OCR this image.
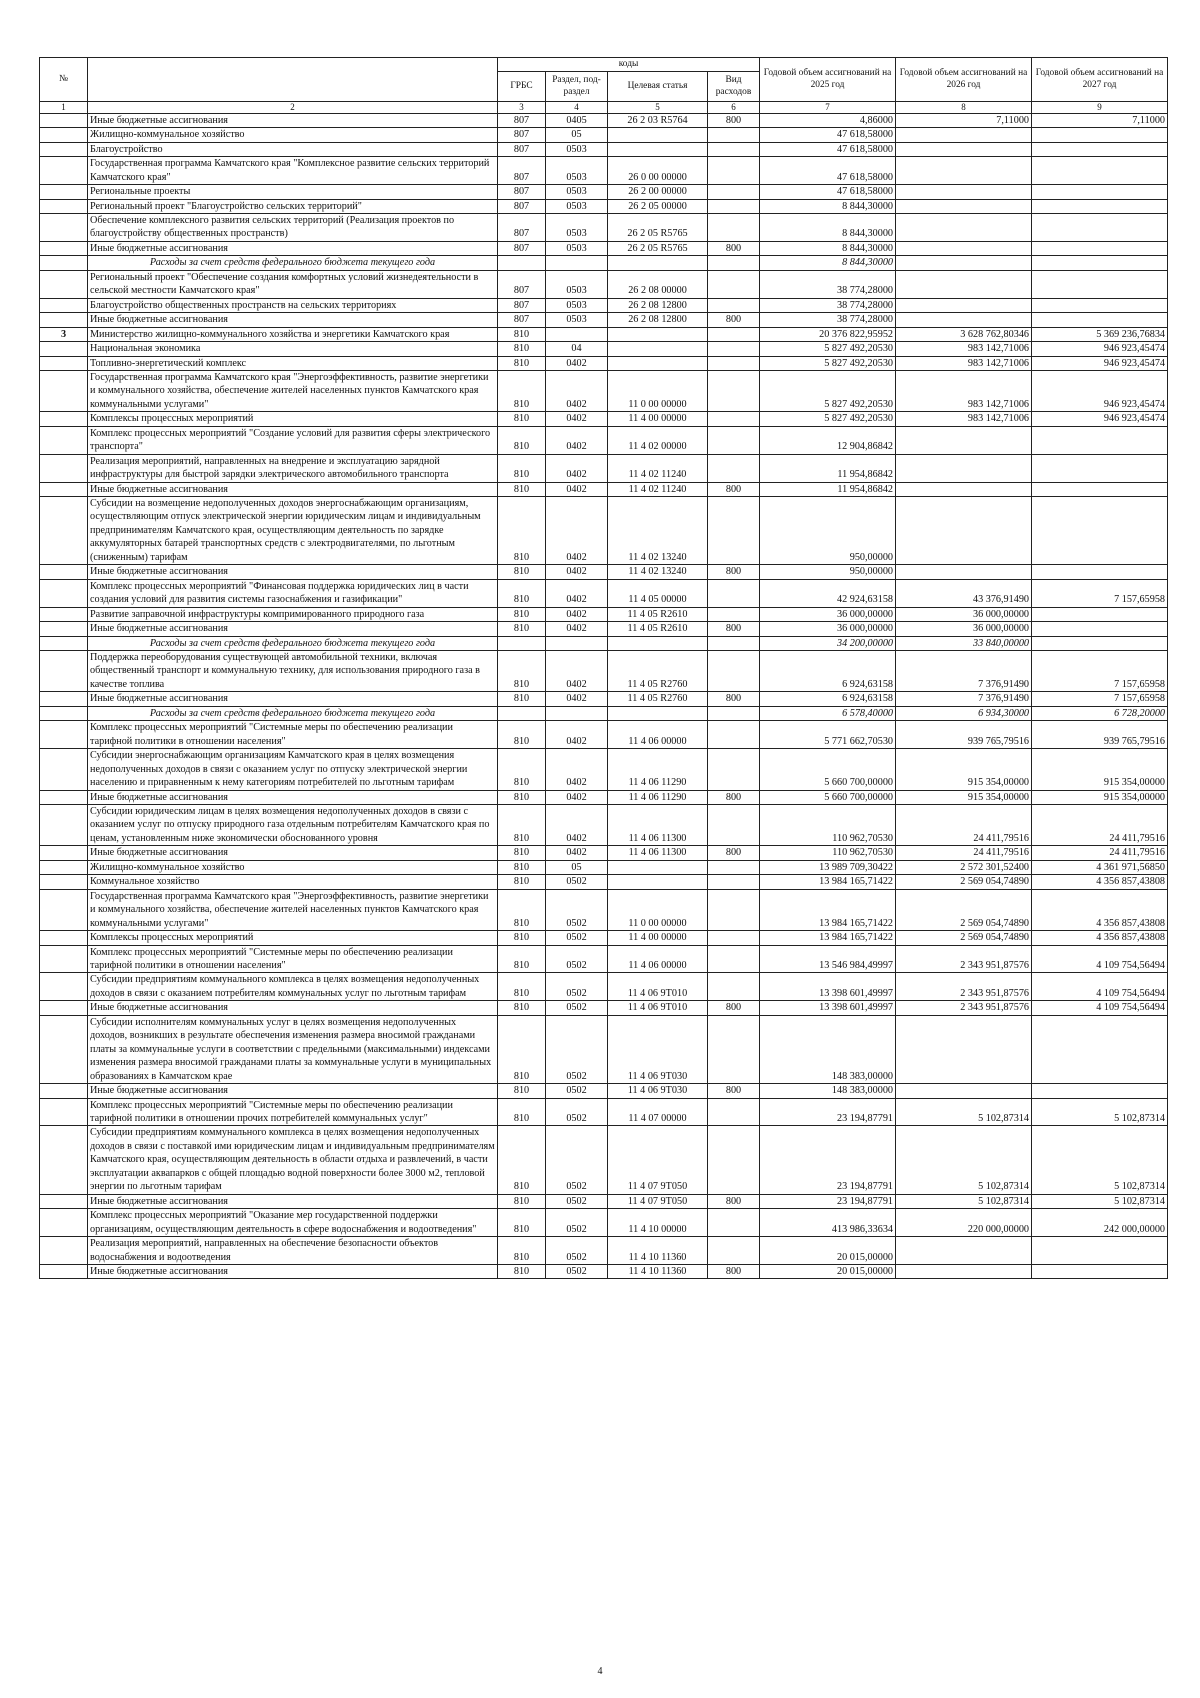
№		коды				Годовой объем ассигнований на 2025 год	Годовой объем ассигнований на 2026 год	Годовой объем ассигнований на 2027 год
		ГРБС	Раздел, под-раздел	Целевая статья	Вид расходов			
1	2	3	4	5	6	7	8	9
	Иные бюджетные ассигнования	807	0405	26 2 03 R5764	800	4,86000	7,11000	7,11000
	Жилищно-коммунальное хозяйство	807	05			47 618,58000		
	Благоустройство	807	0503			47 618,58000		
	Государственная программа Камчатского края "Комплексное развитие сельских территорий Камчатского края"	807	0503	26 0 00 00000		47 618,58000		
	Региональные проекты	807	0503	26 2 00 00000		47 618,58000		
	Региональный проект "Благоустройство сельских территорий"	807	0503	26 2 05 00000		8 844,30000		
	Обеспечение комплексного развития сельских территорий (Реализация проектов по благоустройству общественных пространств)	807	0503	26 2 05 R5765		8 844,30000		
	Иные бюджетные ассигнования	807	0503	26 2 05 R5765	800	8 844,30000		
	Расходы за счет средств федерального бюджета текущего года					8 844,30000		
	Региональный проект "Обеспечение создания комфортных условий жизнедеятельности в сельской местности Камчатского края"	807	0503	26 2 08 00000		38 774,28000		
	Благоустройство общественных пространств на сельских территориях	807	0503	26 2 08 12800		38 774,28000		
	Иные бюджетные ассигнования	807	0503	26 2 08 12800	800	38 774,28000		
3	Министерство жилищно-коммунального хозяйства и энергетики Камчатского края	810				20 376 822,95952	3 628 762,80346	5 369 236,76834
	Национальная экономика	810	04			5 827 492,20530	983 142,71006	946 923,45474
	Топливно-энергетический комплекс	810	0402			5 827 492,20530	983 142,71006	946 923,45474
	Государственная программа Камчатского края "Энергоэффективность, развитие энергетики и коммунального хозяйства, обеспечение жителей населенных пунктов Камчатского края коммунальными услугами"	810	0402	11 0 00 00000		5 827 492,20530	983 142,71006	946 923,45474
	Комплексы процессных мероприятий	810	0402	11 4 00 00000		5 827 492,20530	983 142,71006	946 923,45474
	Комплекс процессных мероприятий "Создание условий для развития сферы электрического транспорта"	810	0402	11 4 02 00000		12 904,86842		
	Реализация мероприятий, направленных на внедрение и эксплуатацию зарядной инфраструктуры для быстрой зарядки электрического автомобильного транспорта	810	0402	11 4 02 11240		11 954,86842		
	Иные бюджетные ассигнования	810	0402	11 4 02 11240	800	11 954,86842		
	Субсидии на возмещение недополученных доходов энергоснабжающим организациям, осуществляющим отпуск электрической энергии юридическим лицам и индивидуальным предпринимателям Камчатского края, осуществляющим деятельность по зарядке аккумуляторных батарей транспортных средств с электродвигателями, по льготным (сниженным) тарифам	810	0402	11 4 02 13240		950,00000		
	Иные бюджетные ассигнования	810	0402	11 4 02 13240	800	950,00000		
	Комплекс процессных мероприятий "Финансовая поддержка юридических лиц в части создания условий для развития системы газоснабжения и газификации"	810	0402	11 4 05 00000		42 924,63158	43 376,91490	7 157,65958
	Развитие заправочной инфраструктуры компримированного природного газа	810	0402	11 4 05 R2610		36 000,00000	36 000,00000	
	Иные бюджетные ассигнования	810	0402	11 4 05 R2610	800	36 000,00000	36 000,00000	
	Расходы за счет средств федерального бюджета текущего года					34 200,00000	33 840,00000	
	Поддержка переоборудования существующей автомобильной техники, включая общественный транспорт и коммунальную технику, для использования природного газа в качестве топлива	810	0402	11 4 05 R2760		6 924,63158	7 376,91490	7 157,65958
	Иные бюджетные ассигнования	810	0402	11 4 05 R2760	800	6 924,63158	7 376,91490	7 157,65958
	Расходы за счет средств федерального бюджета текущего года					6 578,40000	6 934,30000	6 728,20000
	Комплекс процессных мероприятий "Системные меры по обеспечению реализации тарифной политики в отношении населения"	810	0402	11 4 06 00000		5 771 662,70530	939 765,79516	939 765,79516
	Субсидии энергоснабжающим организациям Камчатского края в целях возмещения недополученных доходов в связи с оказанием услуг по отпуску электрической энергии населению и приравненным к нему категориям потребителей по льготным тарифам	810	0402	11 4 06 11290		5 660 700,00000	915 354,00000	915 354,00000
	Иные бюджетные ассигнования	810	0402	11 4 06 11290	800	5 660 700,00000	915 354,00000	915 354,00000
	Субсидии юридическим лицам в целях возмещения недополученных доходов в связи с оказанием услуг по отпуску природного газа отдельным потребителям Камчатского края по ценам, установленным ниже экономически обоснованного уровня	810	0402	11 4 06 11300		110 962,70530	24 411,79516	24 411,79516
	Иные бюджетные ассигнования	810	0402	11 4 06 11300	800	110 962,70530	24 411,79516	24 411,79516
	Жилищно-коммунальное хозяйство	810	05			13 989 709,30422	2 572 301,52400	4 361 971,56850
	Коммунальное хозяйство	810	0502			13 984 165,71422	2 569 054,74890	4 356 857,43808
	Государственная программа Камчатского края "Энергоэффективность, развитие энергетики и коммунального хозяйства, обеспечение жителей населенных пунктов Камчатского края коммунальными услугами"	810	0502	11 0 00 00000		13 984 165,71422	2 569 054,74890	4 356 857,43808
	Комплексы процессных мероприятий	810	0502	11 4 00 00000		13 984 165,71422	2 569 054,74890	4 356 857,43808
	Комплекс процессных мероприятий "Системные меры по обеспечению реализации тарифной политики в отношении населения"	810	0502	11 4 06 00000		13 546 984,49997	2 343 951,87576	4 109 754,56494
	Субсидии предприятиям коммунального комплекса в целях возмещения недополученных доходов в связи с оказанием потребителям коммунальных услуг по льготным тарифам	810	0502	11 4 06 9Т010		13 398 601,49997	2 343 951,87576	4 109 754,56494
	Иные бюджетные ассигнования	810	0502	11 4 06 9Т010	800	13 398 601,49997	2 343 951,87576	4 109 754,56494
	Субсидии исполнителям коммунальных услуг в целях возмещения недополученных доходов, возникших в результате обеспечения изменения размера вносимой гражданами платы за коммунальные услуги в соответствии с предельными (максимальными) индексами изменения размера вносимой гражданами платы за коммунальные услуги в муниципальных образованиях в Камчатском крае	810	0502	11 4 06 9Т030		148 383,00000		
	Иные бюджетные ассигнования	810	0502	11 4 06 9Т030	800	148 383,00000		
	Комплекс процессных мероприятий "Системные меры по обеспечению реализации тарифной политики в отношении прочих потребителей коммунальных услуг"	810	0502	11 4 07 00000		23 194,87791	5 102,87314	5 102,87314
	Субсидии предприятиям коммунального комплекса в целях возмещения недополученных доходов в связи с поставкой ими юридическим лицам и индивидуальным предпринимателям Камчатского края, осуществляющим деятельность в области отдыха и развлечений, в части эксплуатации аквапарков с общей площадью водной поверхности более 3000 м2, тепловой энергии по льготным тарифам	810	0502	11 4 07 9Т050		23 194,87791	5 102,87314	5 102,87314
	Иные бюджетные ассигнования	810	0502	11 4 07 9Т050	800	23 194,87791	5 102,87314	5 102,87314
	Комплекс процессных мероприятий "Оказание мер государственной поддержки организациям, осуществляющим деятельность в сфере водоснабжения и водоотведения"	810	0502	11 4 10 00000		413 986,33634	220 000,00000	242 000,00000
	Реализация мероприятий, направленных на обеспечение безопасности объектов водоснабжения и водоотведения	810	0502	11 4 10 11360		20 015,00000		
	Иные бюджетные ассигнования	810	0502	11 4 10 11360	800	20 015,00000		
4
